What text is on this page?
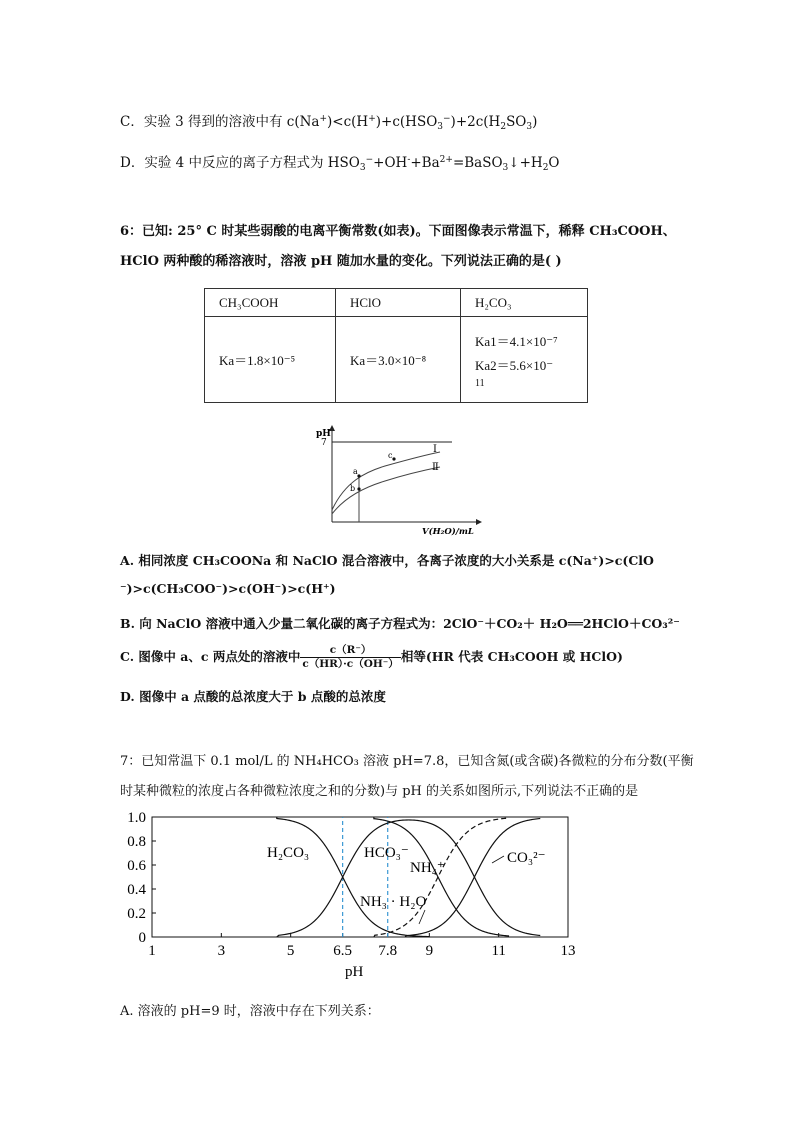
C．实验 3 得到的溶液中有 $c(Na^+)<c(H^+)+c(HSO_3^-)+2c(H_2SO_3)$
D．实验 4 中反应的离子方程式为 $HSO_3^-+OH^-+Ba^{2+}=BaSO_3↓+H_2O$
6：已知: 25° C 时某些弱酸的电离平衡常数(如表)。下面图像表示常温下，稀释 CH₃COOH、
HClO 两种酸的稀溶液时，溶液 pH 随加水量的变化。下列说法正确的是( )
CH₃COOH	HClO	H₂CO₃
Ka＝1.8×10⁻⁵	Ka＝3.0×10⁻⁸	Ka1＝4.1×10⁻⁷
Ka2＝5.6×10⁻
11
pH
7
a
b
c
Ⅰ
Ⅱ
V(H₂O)/mL
A. 相同浓度 CH₃COONa 和 NaClO 混合溶液中，各离子浓度的大小关系是 c(Na⁺)>c(ClO
⁻)>c(CH₃COO⁻)>c(OH⁻)>c(H⁺)
B. 向 NaClO 溶液中通入少量二氧化碳的离子方程式为：2ClO⁻＋CO₂＋ H₂O══2HClO＋CO₃²⁻
C. 图像中 a、c 两点处的溶液中 $\frac{c(R^-)}{c(HR)\cdot c(OH^-)}$ 相等(HR 代表 CH₃COOH 或 HClO)
D. 图像中 a 点酸的总浓度大于 b 点酸的总浓度
7：已知常温下 0.1 mol/L 的 NH₄HCO₃ 溶液 pH=7.8，已知含氮(或含碳)各微粒的分布分数(平衡
时某种微粒的浓度占各种微粒浓度之和的分数)与 pH 的关系如图所示,下列说法不正确的是
1.0
0.8
0.6
0.4
0.2
0
1	3	5	6.5 7.8 9	11	13
H₂CO₃	HCO₃⁻
NH₄⁺
CO₃²⁻
NH₃ · H₂O
pH
A. 溶液的 pH=9 时，溶液中存在下列关系：
